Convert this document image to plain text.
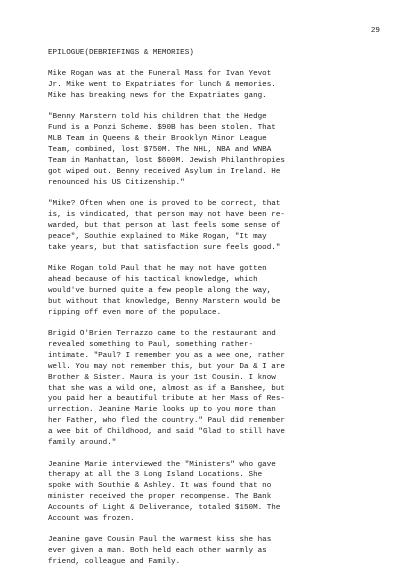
29
EPILOGUE(DEBRIEFINGS & MEMORIES)

Mike Rogan was at the Funeral Mass for Ivan Yevot
Jr. Mike went to Expatriates for lunch & memories.
Mike has breaking news for the Expatriates gang.

"Benny Marstern told his children that the Hedge
Fund is a Ponzi Scheme. $90B has been stolen. That
MLB Team in Queens & their Brooklyn Minor League
Team, combined, lost $750M. The NHL, NBA and WNBA
Team in Manhattan, lost $600M. Jewish Philanthropies
got wiped out. Benny received Asylum in Ireland. He
renounced his US Citizenship."

"Mike? Often when one is proved to be correct, that
is, is vindicated, that person may not have been re-
warded, but that person at last feels some sense of
peace", Southie explained to Mike Rogan, "It may
take years, but that satisfaction sure feels good."

Mike Rogan told Paul that he may not have gotten
ahead because of his tactical knowledge, which
would've burned quite a few people along the way,
but without that knowledge, Benny Marstern would be
ripping off even more of the populace.

Brigid O'Brien Terrazzo came to the restaurant and
revealed something to Paul, something rather-
intimate. "Paul? I remember you as a wee one, rather
well. You may not remember this, but your Da & I are
Brother & Sister. Maura is your 1st Cousin. I know
that she was a wild one, almost as if a Banshee, but
you paid her a beautiful tribute at her Mass of Res-
urrection. Jeanine Marie looks up to you more than
her Father, who fled the country." Paul did remember
a wee bit of Childhood, and said "Glad to still have
family around."

Jeanine Marie interviewed the "Ministers" who gave
therapy at all the 3 Long Island Locations. She
spoke with Southie & Ashley. It was found that no
minister received the proper recompense. The Bank
Accounts of Light & Deliverance, totaled $150M. The
Account was frozen.

Jeanine gave Cousin Paul the warmest kiss she has
ever given a man. Both held each other warmly as
friend, colleague and Family.
